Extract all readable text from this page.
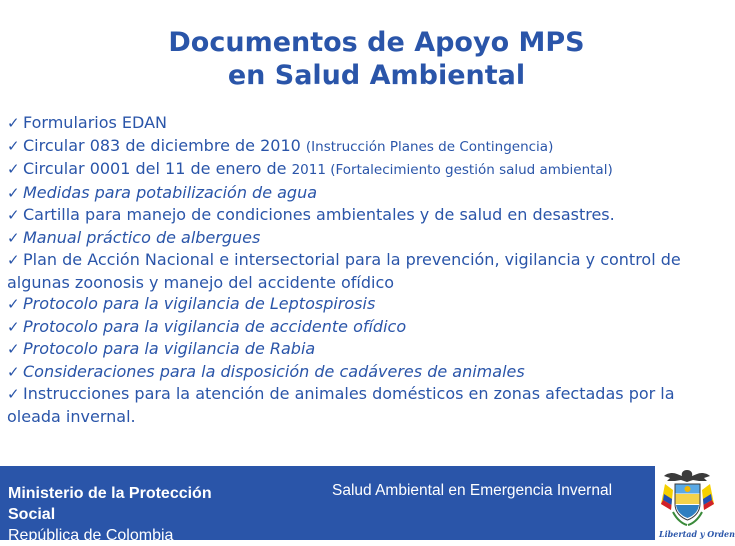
Documentos de Apoyo MPS
en Salud Ambiental
✓ Formularios EDAN
✓ Circular 083 de diciembre de 2010 (Instrucción Planes de Contingencia)
✓ Circular 0001 del 11 de enero de 2011 (Fortalecimiento gestión salud ambiental)
✓ Medidas para potabilización de agua
✓ Cartilla para manejo de condiciones ambientales y de salud en desastres.
✓ Manual práctico de albergues
✓ Plan de Acción Nacional e intersectorial para la prevención, vigilancia y control de algunas zoonosis y manejo del accidente ofídico
✓ Protocolo para la vigilancia de Leptospirosis
✓ Protocolo para la vigilancia de accidente ofídico
✓ Protocolo para la vigilancia de Rabia
✓ Consideraciones para la disposición de cadáveres de animales
✓ Instrucciones para la atención de animales domésticos en zonas afectadas por la oleada invernal.
Ministerio de la Protección
Social
República de Colombia
Salud Ambiental en Emergencia Invernal
Libertad y Orden
